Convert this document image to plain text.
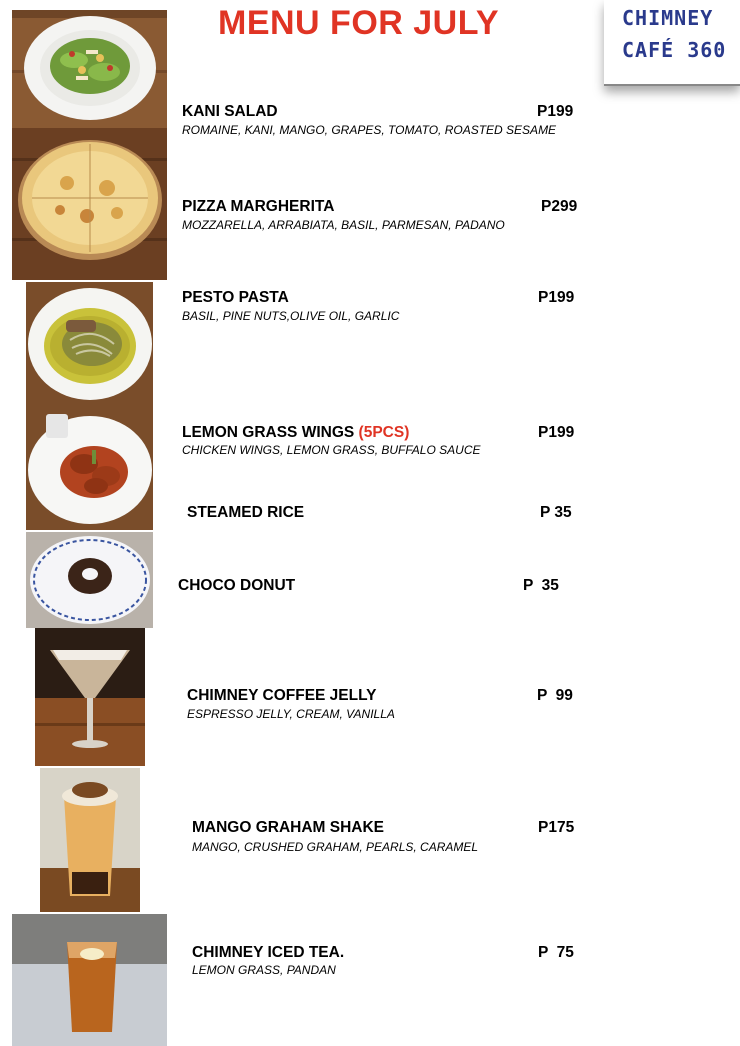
MENU FOR JULY	CHIMNEY
CAFÉ 360
KANI SALAD	P199
ROMAINE, KANI, MANGO, GRAPES, TOMATO, ROASTED SESAME
PIZZA MARGHERITA	P299
MOZZARELLA, ARRABIATA, BASIL, PARMESAN, PADANO
PESTO PASTA	P199
BASIL, PINE NUTS,OLIVE OIL, GARLIC
LEMON GRASS WINGS (5PCS)	P199
CHICKEN WINGS, LEMON GRASS, BUFFALO SAUCE
STEAMED RICE	P 35
CHOCO DONUT	P  35
CHIMNEY COFFEE JELLY	P  99
ESPRESSO JELLY, CREAM, VANILLA
MANGO GRAHAM SHAKE	P175
MANGO, CRUSHED GRAHAM, PEARLS, CARAMEL
CHIMNEY ICED TEA.	P  75
LEMON GRASS, PANDAN
